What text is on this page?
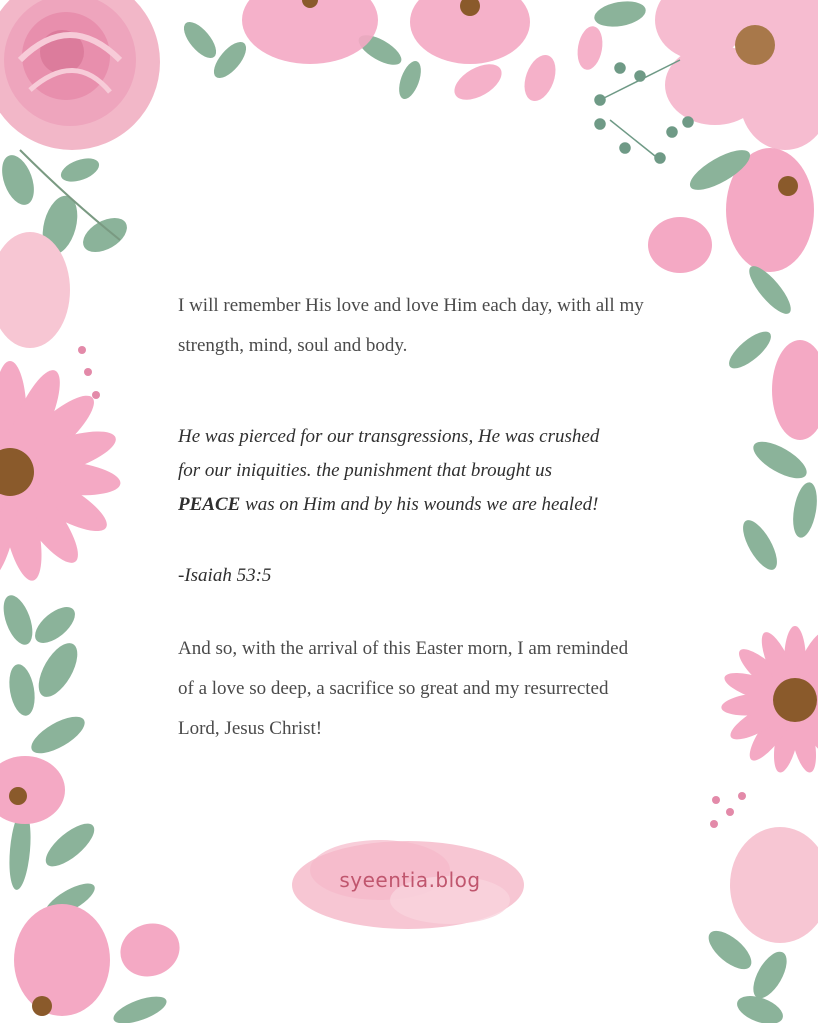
I will remember His love and love Him each day, with all my strength, mind, soul and body.
He was pierced for our transgressions, He was crushed
for our iniquities. the punishment that brought us
PEACE was on Him and by his wounds we are healed!
-Isaiah 53:5
And so, with the arrival of this Easter morn, I am reminded of a love so deep, a sacrifice so great and my resurrected Lord, Jesus Christ!
syeentia.blog
